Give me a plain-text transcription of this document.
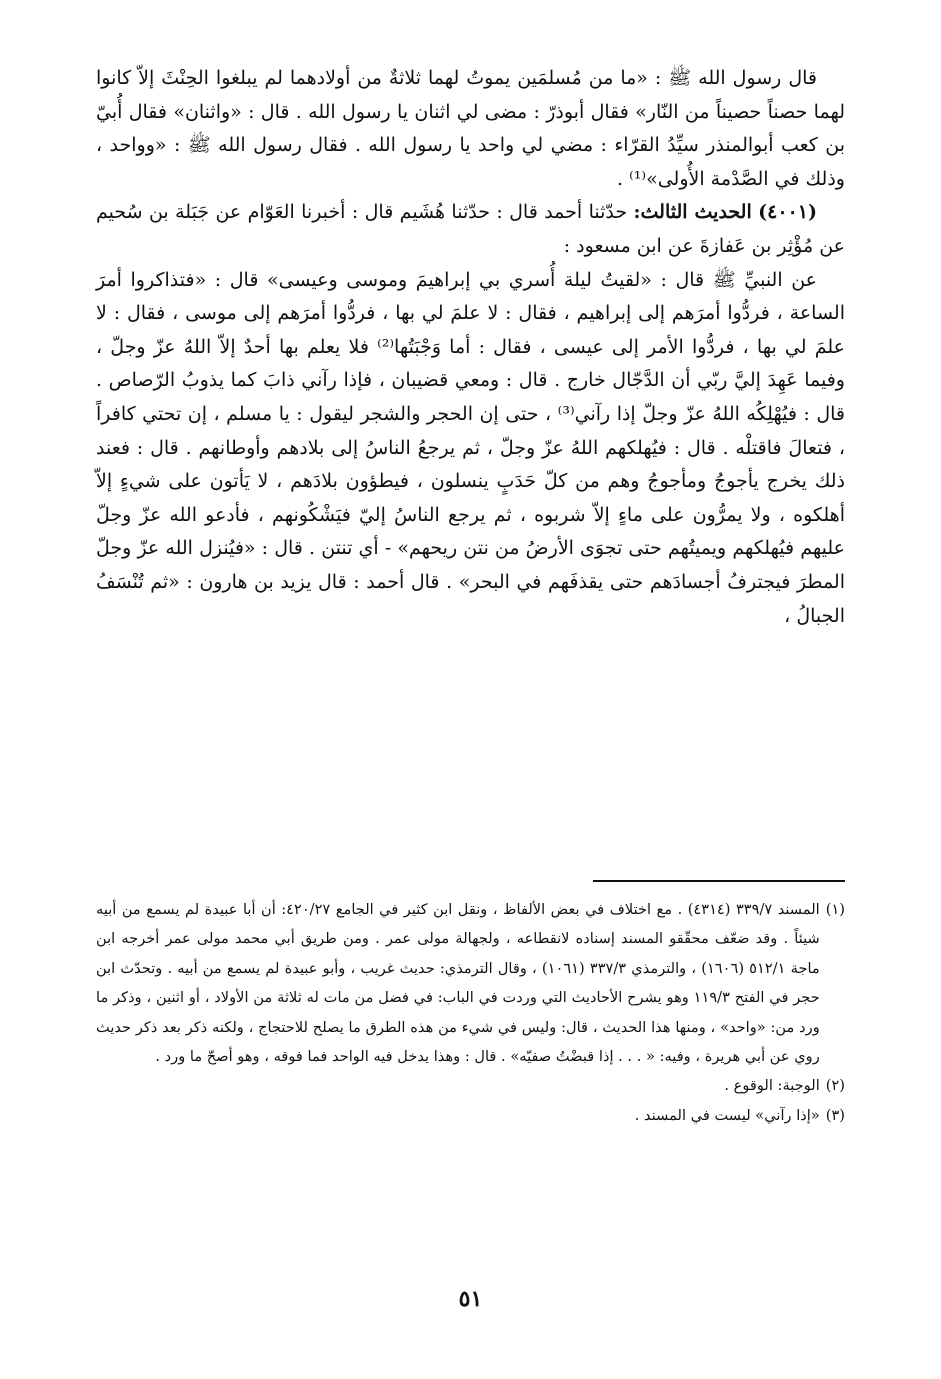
قال رسول الله ﷺ : «ما من مُسلمَين يموتُ لهما ثلاثةٌ من أولادهما لم يبلغوا الحِنْثَ إلاّ كانوا لهما حصناً حصيناً من النّار» فقال أبوذرّ : مضى لي اثنان يا رسول الله . قال : «واثنان» فقال أُبيّ بن كعب أبوالمنذر سيِّدُ القرّاء : مضي لي واحد يا رسول الله . فقال رسول الله ﷺ : «وواحد ، وذلك في الصَّدْمة الأُولى»⁽¹⁾ .

(٤٠٠١) الحديث الثالث: حدّثنا أحمد قال : حدّثنا هُشَيم قال : أخبرنا العَوّام عن جَبَلة بن سُحيم عن مُؤْثِر بن عَفازةَ عن ابن مسعود :

عن النبيِّ ﷺ قال : «لقيتُ ليلة أُسري بي إبراهيمَ وموسى وعيسى» قال : «فتذاكروا أمرَ الساعة ، فردُّوا أمرَهم إلى إبراهيم ، فقال : لا علمَ لي بها ، فردُّوا أمرَهم إلى موسى ، فقال : لا علمَ لي بها ، فردُّوا الأمر إلى عيسى ، فقال : أما وَجْبَتُها⁽²⁾ فلا يعلم بها أحدٌ إلاّ اللهُ عزّ وجلّ ، وفيما عَهِدَ إليَّ ربّي أن الدَّجّال خارج . قال : ومعي قضيبان ، فإذا رآني ذابَ كما يذوبُ الرّصاص . قال : فيُهْلِكُه اللهُ عزّ وجلّ إذا رآني⁽³⁾ ، حتى إن الحجر والشجر ليقول : يا مسلم ، إن تحتي كافراً ، فتعالَ فاقتلْه . قال : فيُهلكهم اللهُ عزّ وجلّ ، ثم يرجعُ الناسُ إلى بلادهم وأوطانهم . قال : فعند ذلك يخرج يأجوجُ ومأجوجُ وهم من كلّ حَدَبٍ ينسلون ، فيطؤون بلادَهم ، لا يَأتون على شيءٍ إلاّ أهلكوه ، ولا يمرُّون على ماءٍ إلاّ شربوه ، ثم يرجع الناسُ إليّ فيَشْكُونهم ، فأدعو الله عزّ وجلّ عليهم فيُهلكهم ويميتُهم حتى تجوَى الأرضُ من نتن ريحهم» - أي تنتن . قال : «فيُنزل الله عزّ وجلّ المطرَ فيجترفُ أجسادَهم حتى يقذفَهم في البحر» . قال أحمد : قال يزيد بن هارون : «ثم تُنْسَفُ الجبالُ ،

(١)
المسند ٣٣٩/٧ (٤٣١٤) . مع اختلاف في بعض الألفاظ ، ونقل ابن كثير في الجامع ٤٢٠/٢٧: أن أبا عبيدة لم يسمع من أبيه شيئاً . وقد ضعّف محقّقو المسند إسناده لانقطاعه ، ولجهالة مولى عمر . ومن طريق أبي محمد مولى عمر أخرجه ابن ماجة ٥١٢/١ (١٦٠٦) ، والترمذي ٣٣٧/٣ (١٠٦١) ، وقال الترمذي: حديث غريب ، وأبو عبيدة لم يسمع من أبيه . وتحدّث ابن حجر في الفتح ١١٩/٣ وهو يشرح الأحاديث التي وردت في الباب: في فضل من مات له ثلاثة من الأولاد ، أو اثنين ، وذكر ما ورد من: «واحد» ، ومنها هذا الحديث ، قال: وليس في شيء من هذه الطرق ما يصلح للاحتجاج ، ولكنه ذكر بعد ذكر حديث روي عن أبي هريرة ، وفيه: « . . . إذا قبضْتُ صفيّه» . قال : وهذا يدخل فيه الواحد فما فوقه ، وهو أصحّ ما ورد .
(٢)
الوجبة: الوقوع .
(٣)
«إذا رآني» ليست في المسند .
٥١
